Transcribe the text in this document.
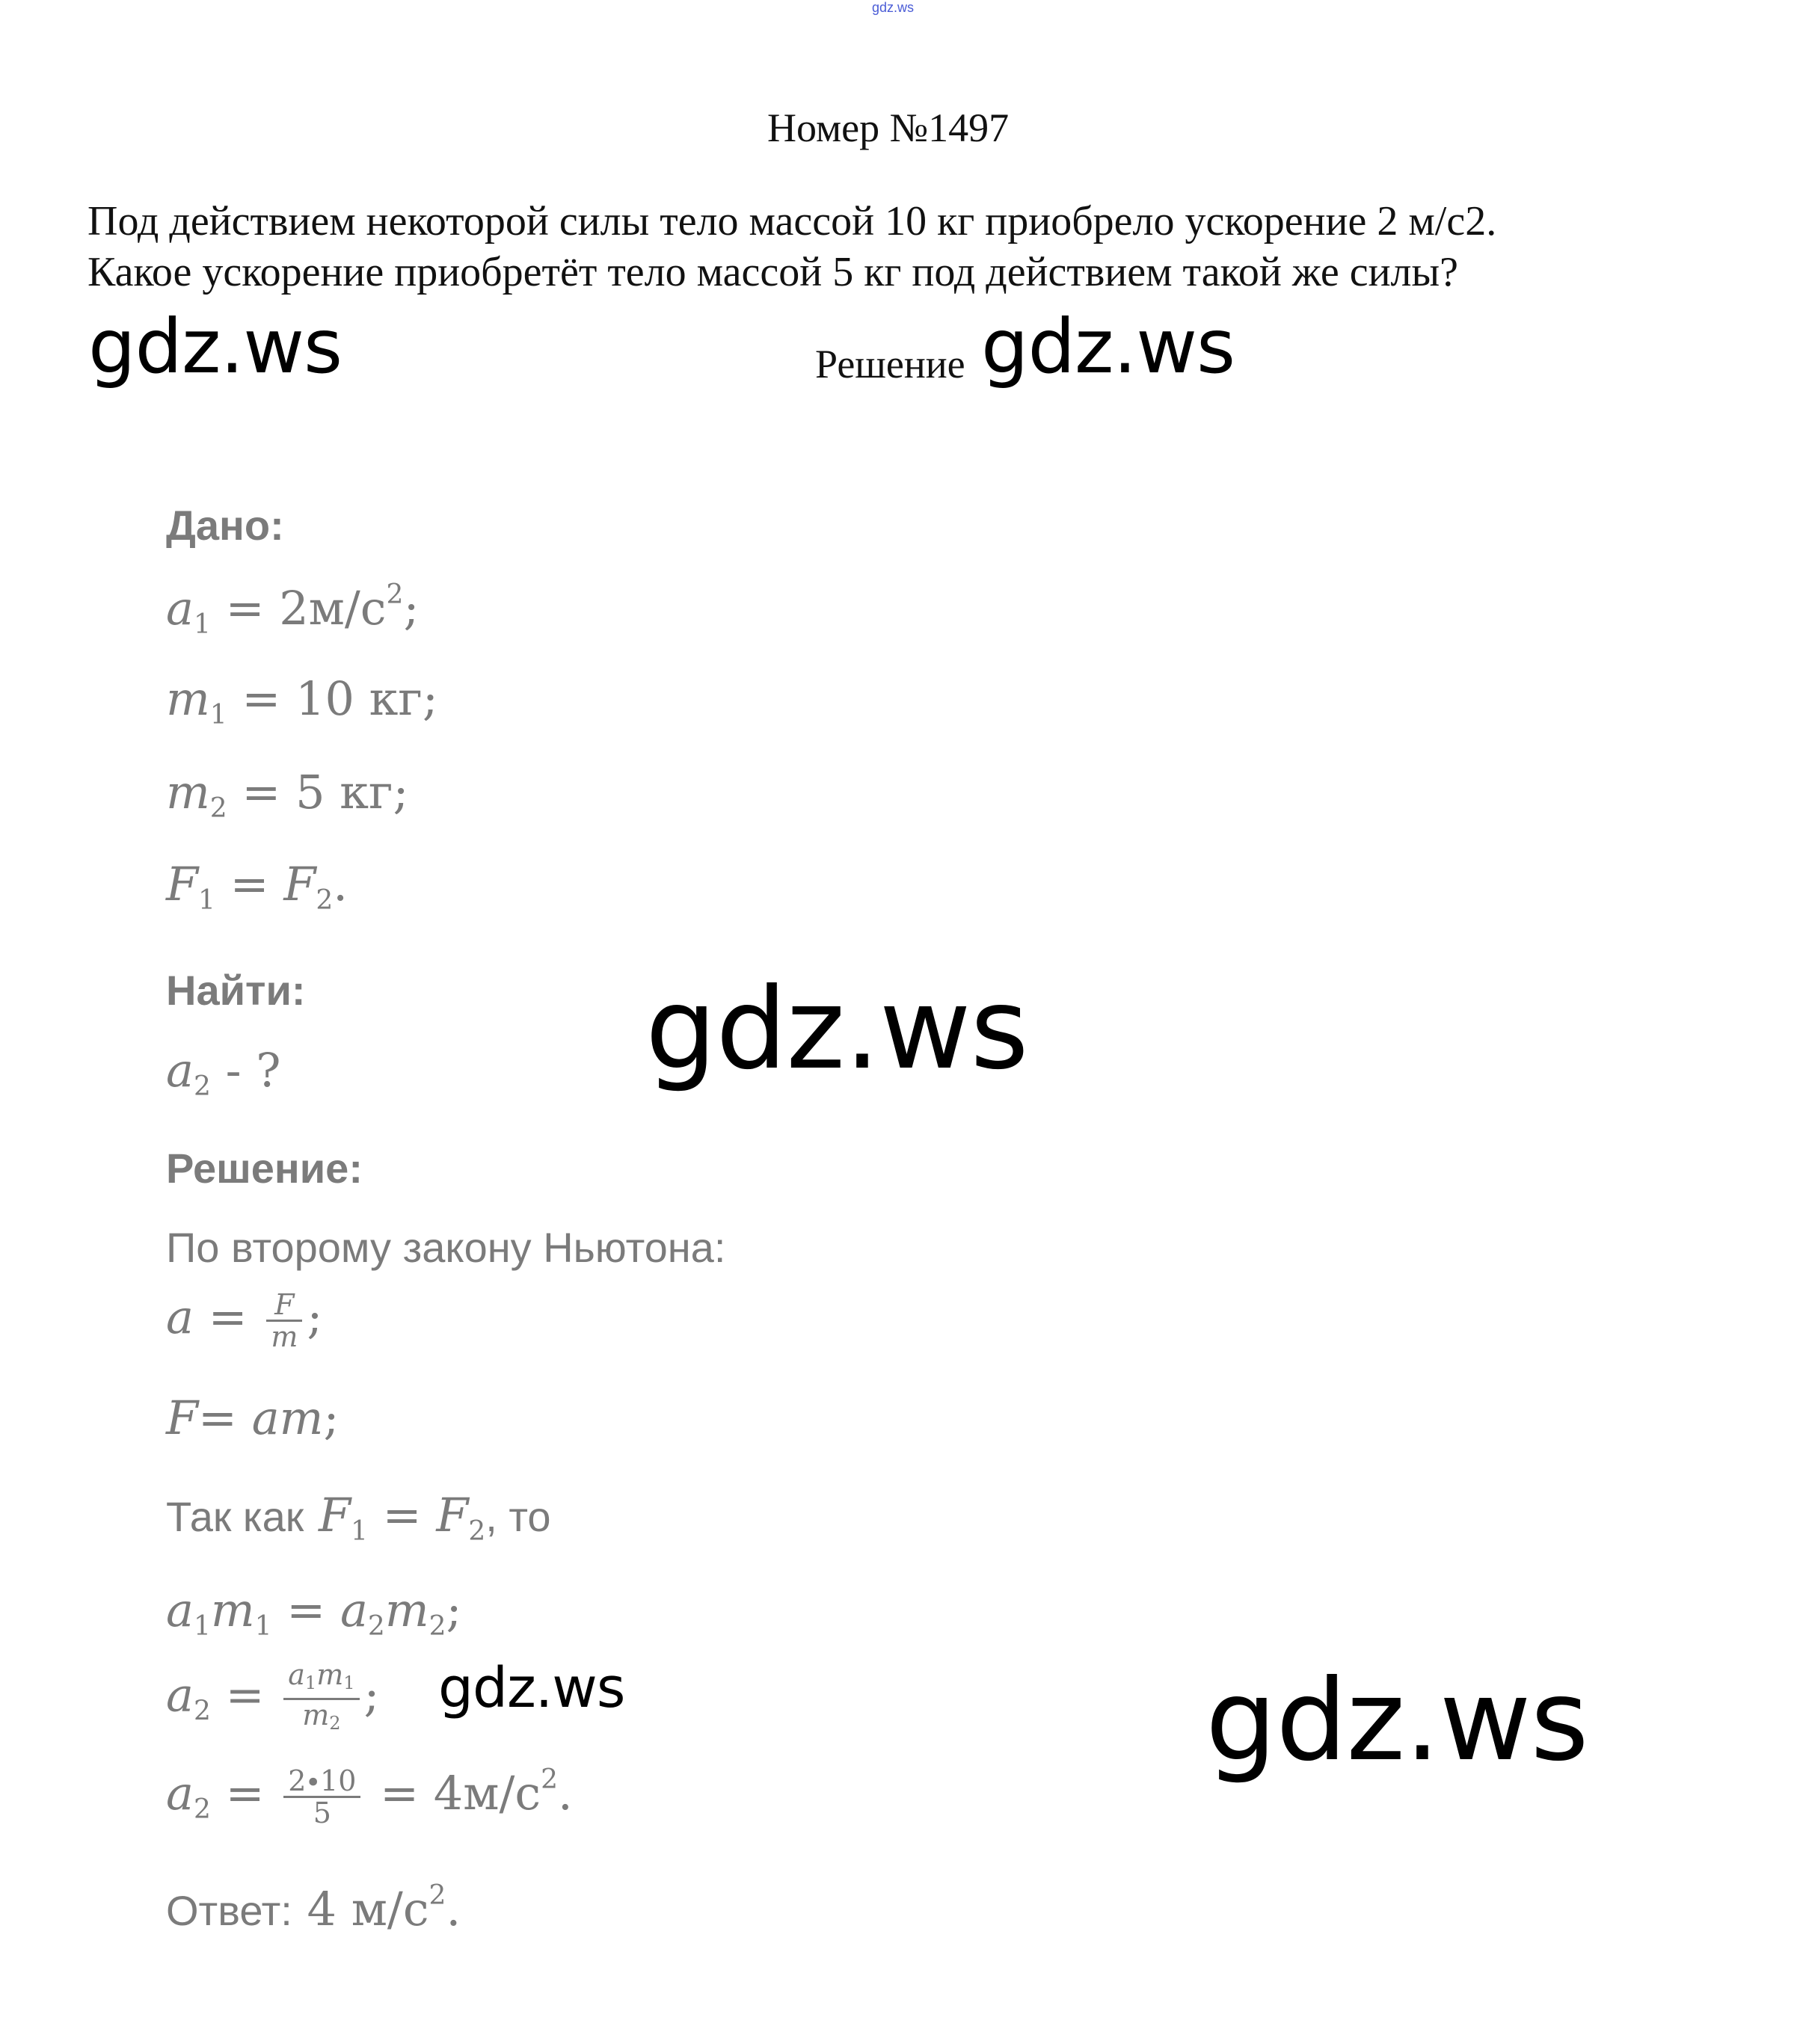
gdz.ws
Номер №1497
Под действием некоторой силы тело массой 10 кг приобрело ускорение 2 м/с2.
Какое ускорение приобретёт тело массой 5 кг под действием такой же силы?
Решение
gdz.ws	gdz.ws
gdz.ws
gdz.ws	gdz.ws
Дано:
$a_1 = 2м/с^2$;
$m_1 = 10$ кг;
$m_2 = 5$ кг;
$F_1 = F_2$.
Найти:
$a_2$ - ?
Решение:
По второму закону Ньютона:
$a = \frac{F}{m}$ ;
F= am;
Так как $F_1 = F_2$, то
$a_1m_1 = a_2m_2$;
$a_2 = \frac{a_1m_1}{m_2}$ ;
$a_2 = \frac{2\cdot 10}{5} = 4м/с^2$.
Ответ: 4 $м/с^2$.
